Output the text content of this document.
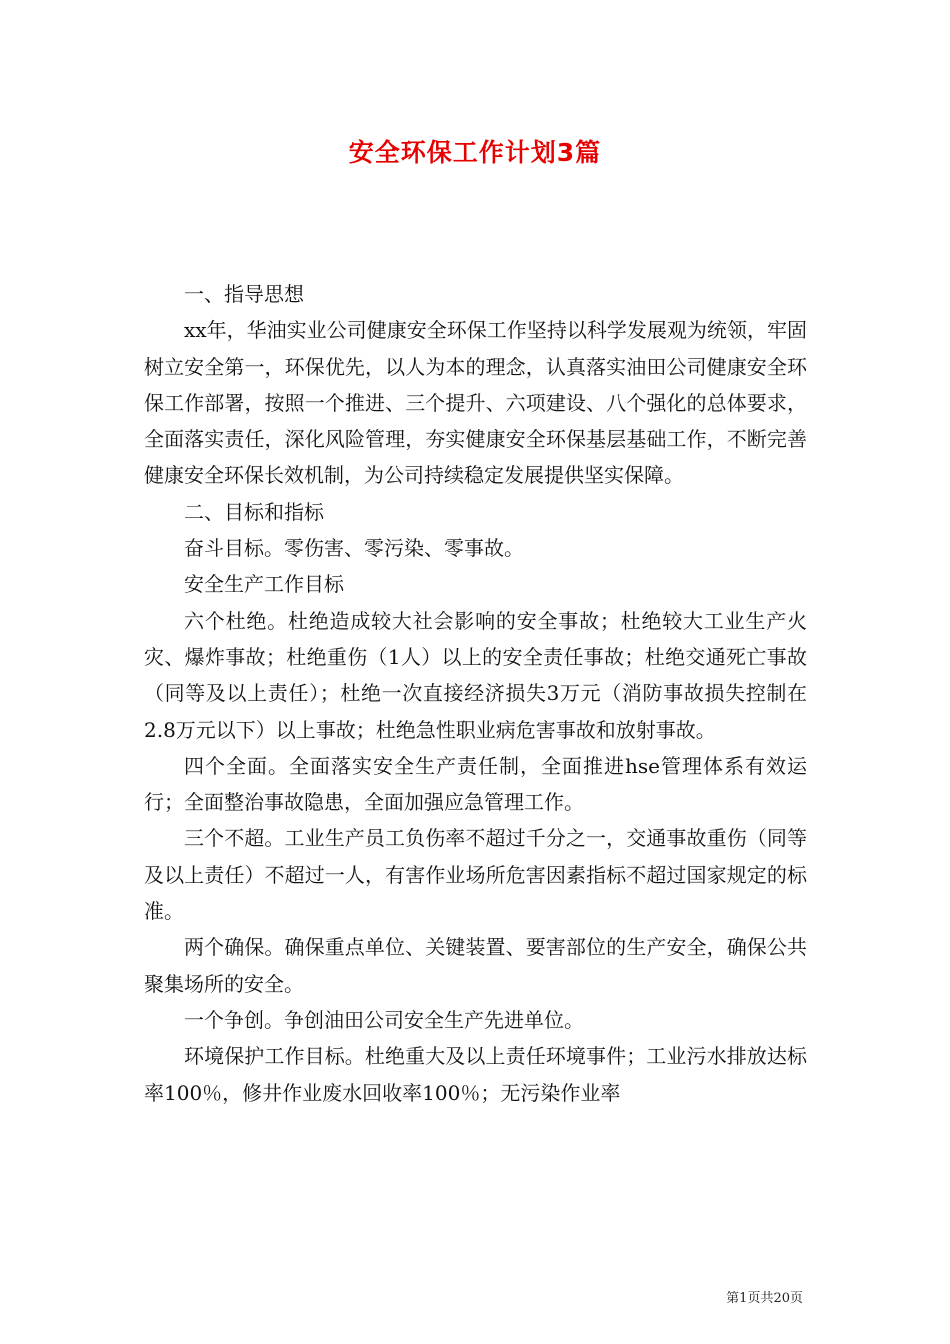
安全环保工作计划3篇

一、指导思想

xx年，华油实业公司健康安全环保工作坚持以科学发展观为统领，牢固树立安全第一，环保优先，以人为本的理念，认真落实油田公司健康安全环保工作部署，按照一个推进、三个提升、六项建设、八个强化的总体要求，全面落实责任，深化风险管理，夯实健康安全环保基层基础工作，不断完善健康安全环保长效机制，为公司持续稳定发展提供坚实保障。

二、目标和指标

奋斗目标。零伤害、零污染、零事故。

安全生产工作目标

六个杜绝。杜绝造成较大社会影响的安全事故；杜绝较大工业生产火灾、爆炸事故；杜绝重伤（1人）以上的安全责任事故；杜绝交通死亡事故（同等及以上责任）；杜绝一次直接经济损失3万元（消防事故损失控制在2.8万元以下）以上事故；杜绝急性职业病危害事故和放射事故。

四个全面。全面落实安全生产责任制，全面推进hse管理体系有效运行；全面整治事故隐患，全面加强应急管理工作。

三个不超。工业生产员工负伤率不超过千分之一，交通事故重伤（同等及以上责任）不超过一人，有害作业场所危害因素指标不超过国家规定的标准。

两个确保。确保重点单位、关键装置、要害部位的生产安全，确保公共聚集场所的安全。

一个争创。争创油田公司安全生产先进单位。

环境保护工作目标。杜绝重大及以上责任环境事件；工业污水排放达标率100％，修井作业废水回收率100％；无污染作业率

第1页共20页
